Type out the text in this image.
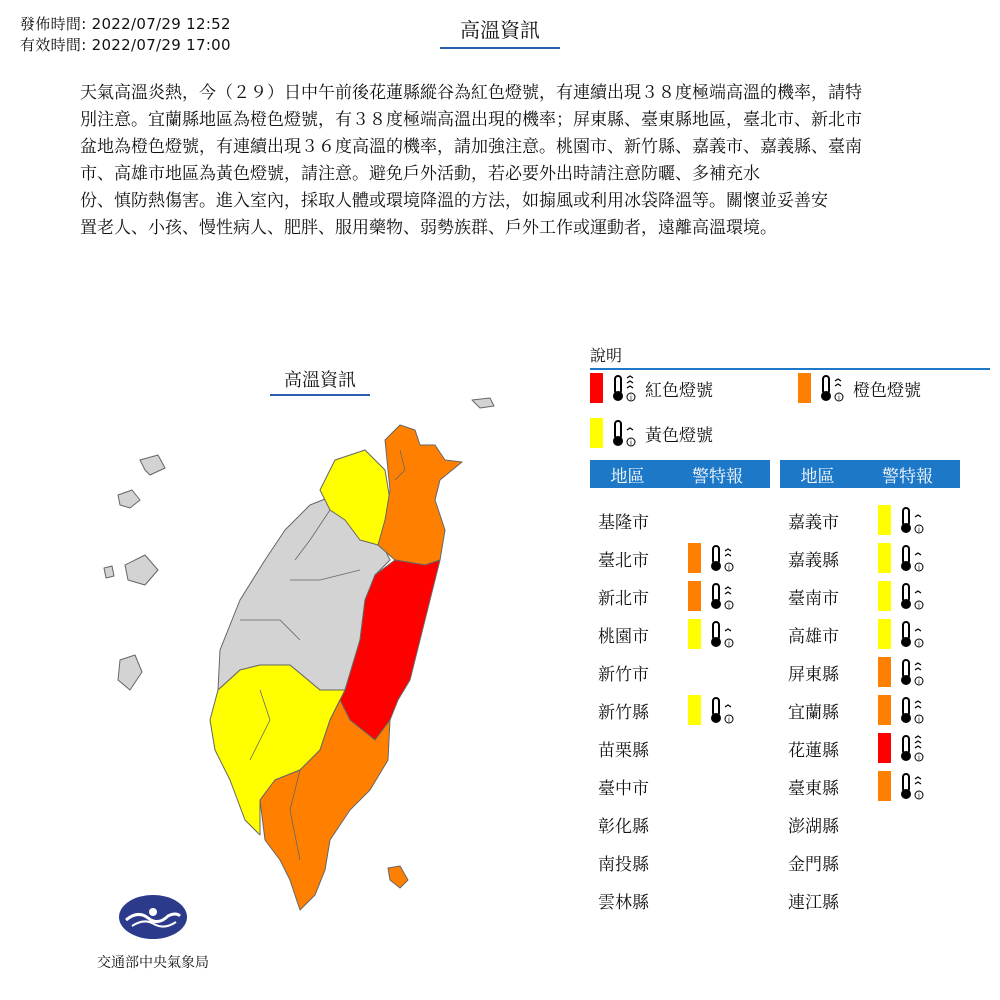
發佈時間: 2022/07/29 12:52
有效時間: 2022/07/29 17:00
高溫資訊

天氣高溫炎熱，今（２９）日中午前後花蓮縣縱谷為紅色燈號，有連續出現３８度極端高溫的機率，請特

別注意。宜蘭縣地區為橙色燈號，有３８度極端高溫出現的機率；屏東縣、臺東縣地區，臺北市、新北市

盆地為橙色燈號，有連續出現３６度高溫的機率，請加強注意。桃園市、新竹縣、嘉義市、嘉義縣、臺南

市、高雄市地區為黃色燈號，請注意。避免戶外活動，若必要外出時請注意防曬、多補充水

份、慎防熱傷害。進入室內，採取人體或環境降溫的方法，如搧風或利用冰袋降溫等。關懷並妥善安

置老人、小孩、慢性病人、肥胖、服用藥物、弱勢族群、戶外工作或運動者，遠離高溫環境。

高溫資訊
說明
i 紅色燈號	i 橙色燈號
i 黃色燈號
地區	警特報	地區	警特報
基隆市
臺北市	i
新北市	i
桃園市	i
新竹市
新竹縣	i
苗栗縣
臺中市
彰化縣
南投縣
雲林縣
嘉義市	i
嘉義縣	i
臺南市	i
高雄市	i
屏東縣	i
宜蘭縣	i
花蓮縣	i
臺東縣	i
澎湖縣
金門縣
連江縣
交通部中央氣象局
